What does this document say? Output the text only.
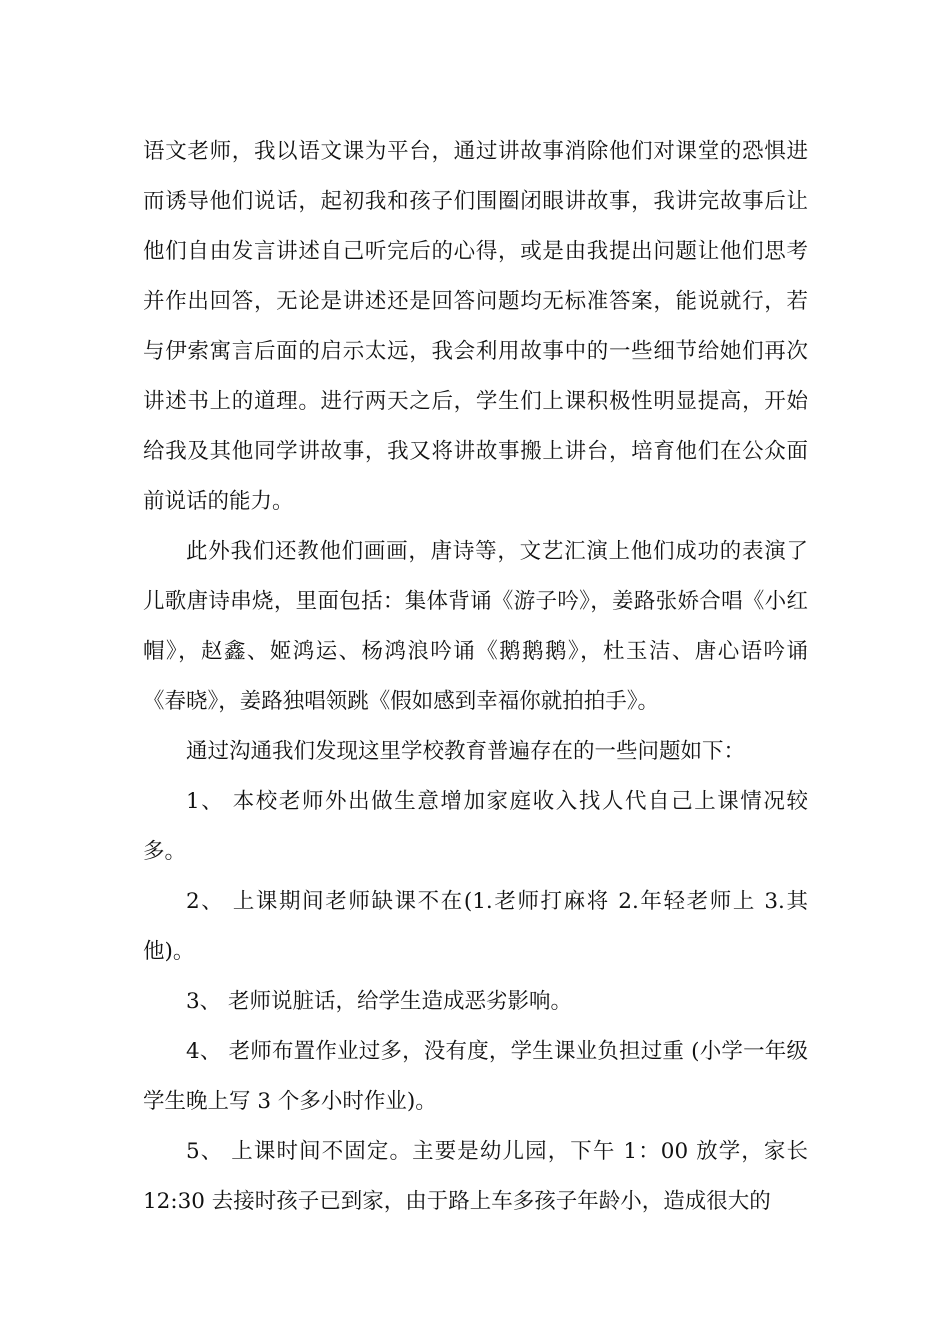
语文老师，我以语文课为平台，通过讲故事消除他们对课堂的恐惧进而诱导他们说话，起初我和孩子们围圈闭眼讲故事，我讲完故事后让他们自由发言讲述自己听完后的心得，或是由我提出问题让他们思考并作出回答，无论是讲述还是回答问题均无标准答案，能说就行，若与伊索寓言后面的启示太远，我会利用故事中的一些细节给她们再次讲述书上的道理。进行两天之后，学生们上课积极性明显提高，开始给我及其他同学讲故事，我又将讲故事搬上讲台，培育他们在公众面前说话的能力。

此外我们还教他们画画，唐诗等，文艺汇演上他们成功的表演了儿歌唐诗串烧，里面包括：集体背诵《游子吟》，姜路张娇合唱《小红帽》，赵鑫、姬鸿运、杨鸿浪吟诵《鹅鹅鹅》，杜玉洁、唐心语吟诵《春晓》，姜路独唱领跳《假如感到幸福你就拍拍手》。

通过沟通我们发现这里学校教育普遍存在的一些问题如下：

1、 本校老师外出做生意增加家庭收入找人代自己上课情况较多。

2、 上课期间老师缺课不在(1.老师打麻将 2.年轻老师上 3.其他)。

3、 老师说脏话，给学生造成恶劣影响。

4、 老师布置作业过多，没有度，学生课业负担过重 (小学一年级学生晚上写 3 个多小时作业)。

5、 上课时间不固定。主要是幼儿园，下午 1：00 放学，家长 12:30 去接时孩子已到家，由于路上车多孩子年龄小，造成很大的
